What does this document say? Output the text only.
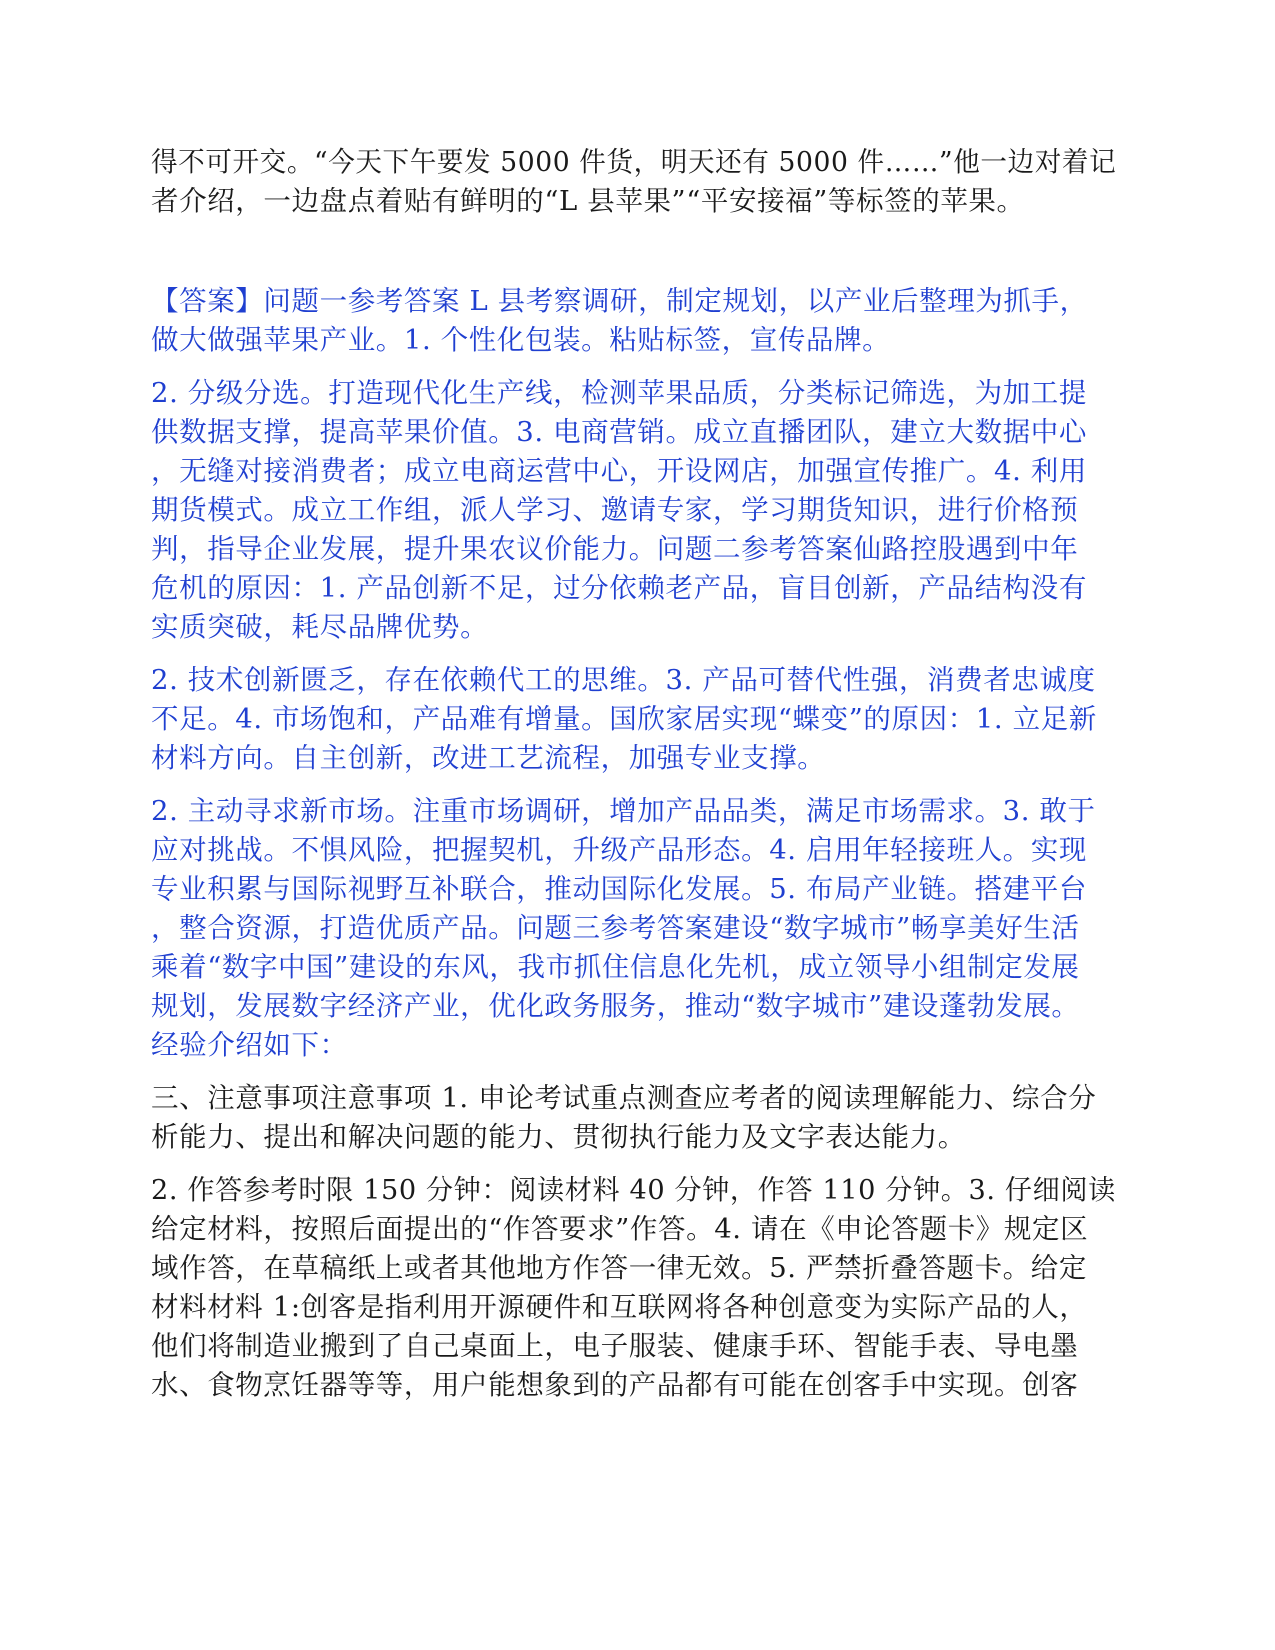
得不可开交。“今天下午要发 5000 件货，明天还有 5000 件……”他一边对着记
者介绍，一边盘点着贴有鲜明的“L 县苹果”“平安接福”等标签的苹果。
【答案】问题一参考答案 L 县考察调研，制定规划，以产业后整理为抓手，
做大做强苹果产业。1. 个性化包装。粘贴标签，宣传品牌。
2. 分级分选。打造现代化生产线，检测苹果品质，分类标记筛选，为加工提
供数据支撑，提高苹果价值。3. 电商营销。成立直播团队，建立大数据中心
，无缝对接消费者；成立电商运营中心，开设网店，加强宣传推广。4. 利用
期货模式。成立工作组，派人学习、邀请专家，学习期货知识，进行价格预
判，指导企业发展，提升果农议价能力。问题二参考答案仙路控股遇到中年
危机的原因：1. 产品创新不足，过分依赖老产品，盲目创新，产品结构没有
实质突破，耗尽品牌优势。
2. 技术创新匮乏，存在依赖代工的思维。3. 产品可替代性强，消费者忠诚度
不足。4. 市场饱和，产品难有增量。国欣家居实现“蝶变”的原因：1. 立足新
材料方向。自主创新，改进工艺流程，加强专业支撑。
2. 主动寻求新市场。注重市场调研，增加产品品类，满足市场需求。3. 敢于
应对挑战。不惧风险，把握契机，升级产品形态。4. 启用年轻接班人。实现
专业积累与国际视野互补联合，推动国际化发展。5. 布局产业链。搭建平台
，整合资源，打造优质产品。问题三参考答案建设“数字城市”畅享美好生活
乘着“数字中国”建设的东风，我市抓住信息化先机，成立领导小组制定发展
规划，发展数字经济产业，优化政务服务，推动“数字城市”建设蓬勃发展。
经验介绍如下：
三、注意事项注意事项 1. 申论考试重点测查应考者的阅读理解能力、综合分
析能力、提出和解决问题的能力、贯彻执行能力及文字表达能力。
2. 作答参考时限 150 分钟：阅读材料 40 分钟，作答 110 分钟。3. 仔细阅读
给定材料，按照后面提出的“作答要求”作答。4. 请在《申论答题卡》规定区
域作答，在草稿纸上或者其他地方作答一律无效。5. 严禁折叠答题卡。给定
材料材料 1:创客是指利用开源硬件和互联网将各种创意变为实际产品的人，
他们将制造业搬到了自己桌面上，电子服装、健康手环、智能手表、导电墨
水、食物烹饪器等等，用户能想象到的产品都有可能在创客手中实现。创客
